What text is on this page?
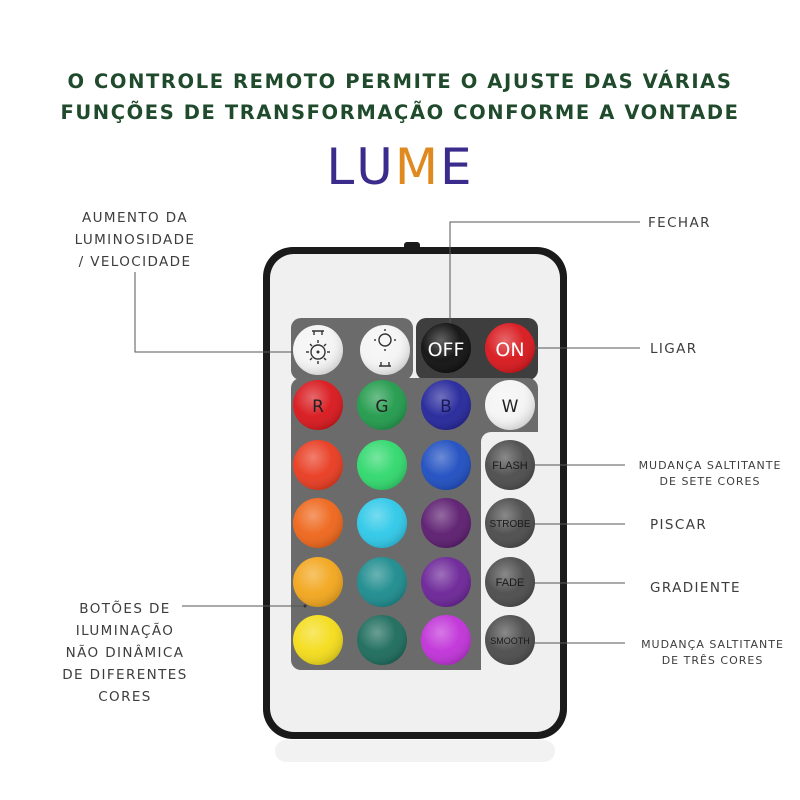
O CONTROLE REMOTO PERMITE O AJUSTE DAS VÁRIAS
FUNÇÕES DE TRANSFORMAÇÃO CONFORME A VONTADE
LUME
AUMENTO DA
LUMINOSIDADE
/ VELOCIDADE
FECHAR
LIGAR
MUDANÇA SALTITANTE
DE SETE CORES
PISCAR
GRADIENTE
MUDANÇA SALTITANTE
DE TRÊS CORES
BOTÕES DE
ILUMINAÇÃO
NÃO DINÂMICA
DE DIFERENTES
CORES
OFF ON
R	G	B	W
FLASH
STROBE
FADE
SMOOTH
